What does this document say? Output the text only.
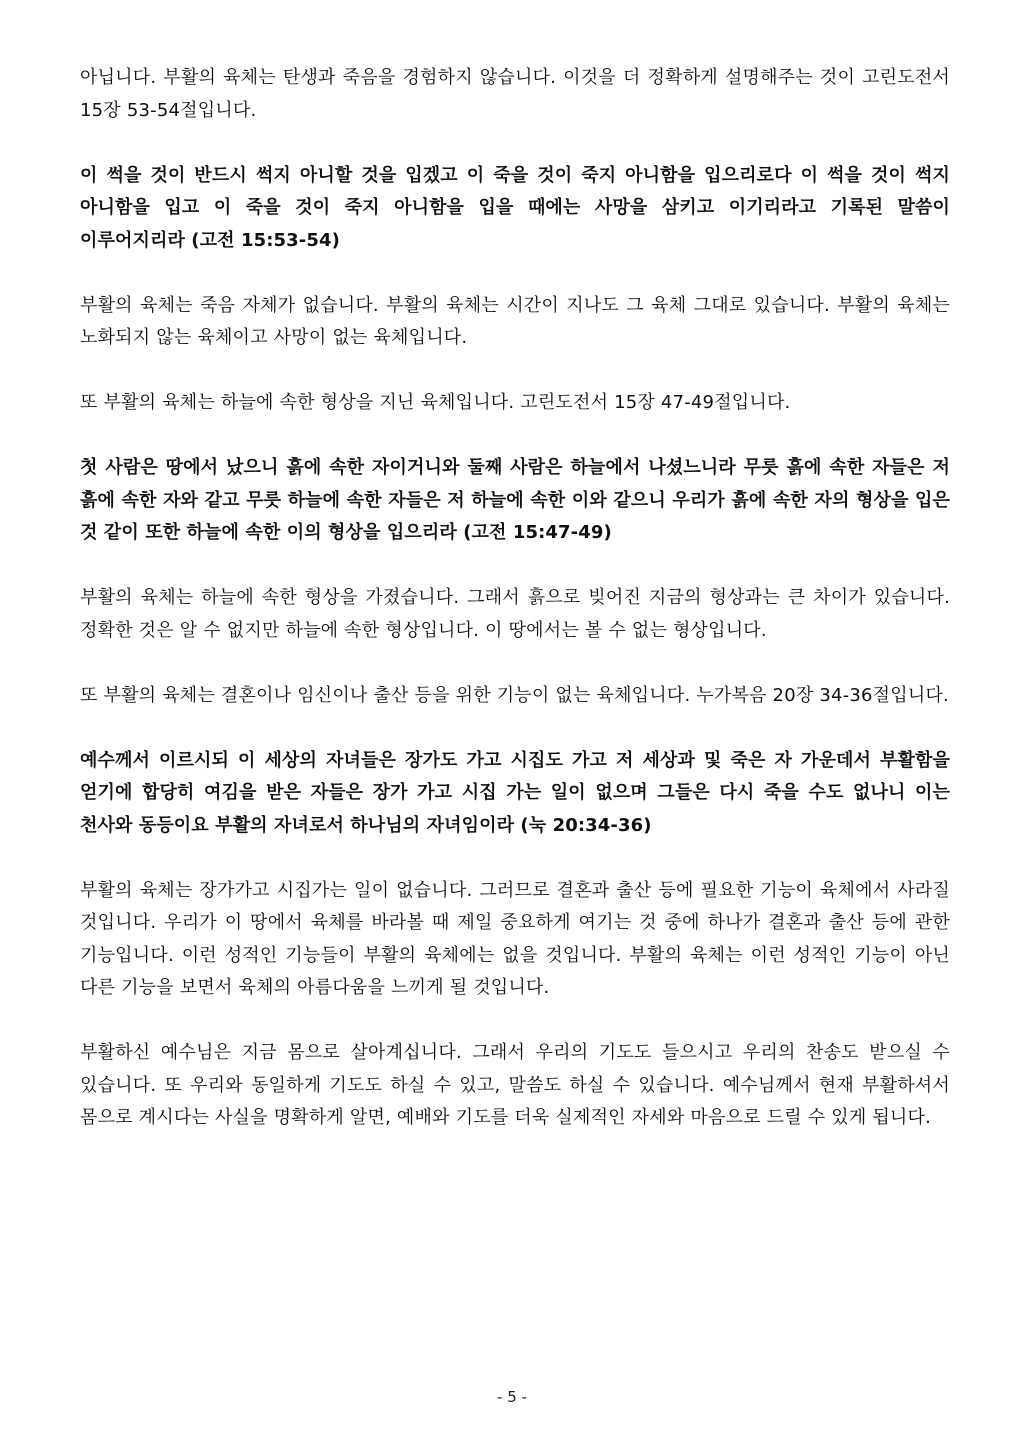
아닙니다. 부활의 육체는 탄생과 죽음을 경험하지 않습니다. 이것을 더 정확하게 설명해주는 것이 고린도전서 15장 53-54절입니다.

이 썩을 것이 반드시 썩지 아니할 것을 입겠고 이 죽을 것이 죽지 아니함을 입으리로다 이 썩을 것이 썩지 아니함을 입고 이 죽을 것이 죽지 아니함을 입을 때에는 사망을 삼키고 이기리라고 기록된 말씀이 이루어지리라 (고전 15:53-54)

부활의 육체는 죽음 자체가 없습니다. 부활의 육체는 시간이 지나도 그 육체 그대로 있습니다. 부활의 육체는 노화되지 않는 육체이고 사망이 없는 육체입니다.

또 부활의 육체는 하늘에 속한 형상을 지닌 육체입니다. 고린도전서 15장 47-49절입니다.

첫 사람은 땅에서 났으니 흙에 속한 자이거니와 둘째 사람은 하늘에서 나셨느니라 무릇 흙에 속한 자들은 저 흙에 속한 자와 같고 무릇 하늘에 속한 자들은 저 하늘에 속한 이와 같으니 우리가 흙에 속한 자의 형상을 입은 것 같이 또한 하늘에 속한 이의 형상을 입으리라 (고전 15:47-49)

부활의 육체는 하늘에 속한 형상을 가졌습니다. 그래서 흙으로 빚어진 지금의 형상과는 큰 차이가 있습니다. 정확한 것은 알 수 없지만 하늘에 속한 형상입니다. 이 땅에서는 볼 수 없는 형상입니다.

또 부활의 육체는 결혼이나 임신이나 출산 등을 위한 기능이 없는 육체입니다. 누가복음 20장 34-36절입니다.

예수께서 이르시되 이 세상의 자녀들은 장가도 가고 시집도 가고 저 세상과 및 죽은 자 가운데서 부활함을 얻기에 합당히 여김을 받은 자들은 장가 가고 시집 가는 일이 없으며 그들은 다시 죽을 수도 없나니 이는 천사와 동등이요 부활의 자녀로서 하나님의 자녀임이라 (눅 20:34-36)

부활의 육체는 장가가고 시집가는 일이 없습니다. 그러므로 결혼과 출산 등에 필요한 기능이 육체에서 사라질 것입니다. 우리가 이 땅에서 육체를 바라볼 때 제일 중요하게 여기는 것 중에 하나가 결혼과 출산 등에 관한 기능입니다. 이런 성적인 기능들이 부활의 육체에는 없을 것입니다. 부활의 육체는 이런 성적인 기능이 아닌 다른 기능을 보면서 육체의 아름다움을 느끼게 될 것입니다.

부활하신 예수님은 지금 몸으로 살아계십니다. 그래서 우리의 기도도 들으시고 우리의 찬송도 받으실 수 있습니다. 또 우리와 동일하게 기도도 하실 수 있고, 말씀도 하실 수 있습니다. 예수님께서 현재 부활하셔서 몸으로 계시다는 사실을 명확하게 알면, 예배와 기도를 더욱 실제적인 자세와 마음으로 드릴 수 있게 됩니다.

- 5 -
